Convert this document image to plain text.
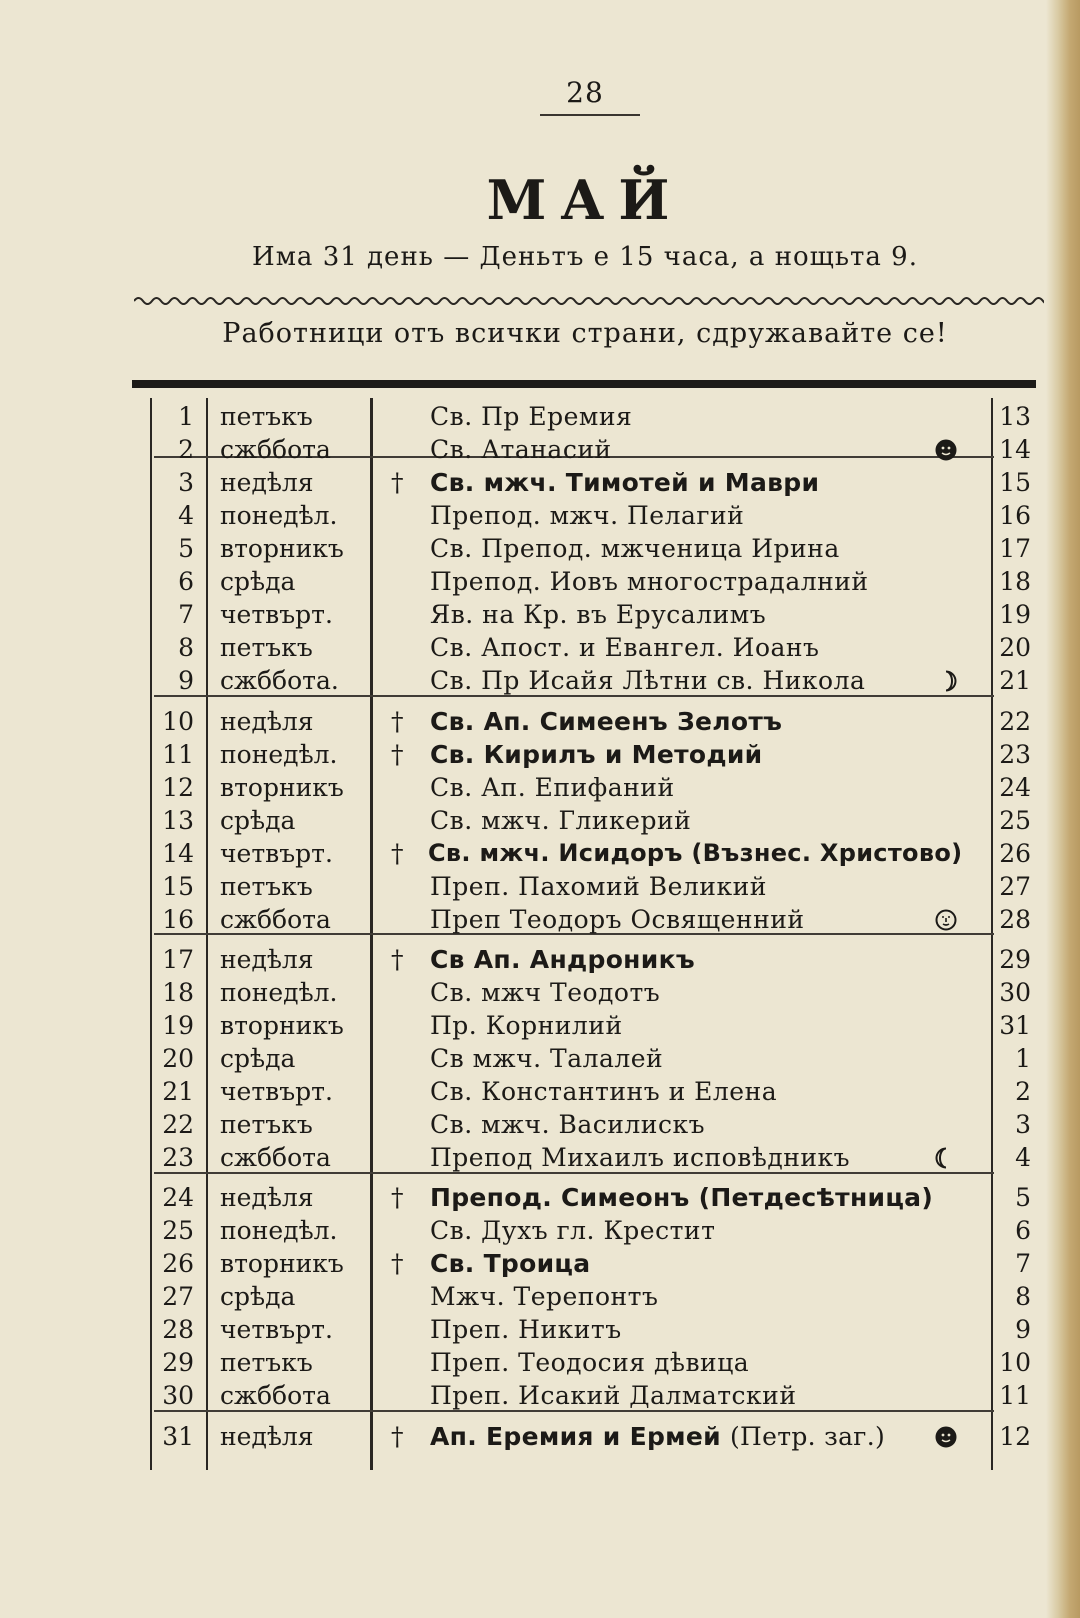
28
МАЙ
Има 31 день — Деньтъ е 15 часа, а нощьта 9.
Работници отъ всички страни, сдружавайте се!
1 петъкъ	Св. Пр Еремия	13
2 сжббота	Св. Атанасий	14
3 недѣля	† Св. мжч. Тимотей и Маври	15
4 понедѣл.	Препод. мжч. Пелагий	16
5 вторникъ	Св. Препод. мжченица Ирина	17
6 срѣда	Препод. Иовъ многострадалний	18
7 четвърт.	Яв. на Кр. въ Ерусалимъ	19
8 петъкъ	Св. Апост. и Евангел. Иоанъ	20
9 сжббота.	Св. Пр Исайя Лѣтни св. Никола	21
10 недѣля	† Св. Ап. Симеенъ Зелотъ	22
11 понедѣл. † Св. Кирилъ и Методий	23
12 вторникъ	Св. Ап. Епифаний	24
13 срѣда	Св. мжч. Гликерий	25
14 четвърт. † Св. мжч. Исидоръ (Възнес. Христово) 26
15 петъкъ	Преп. Пахомий Великий	27
16 сжббота	Преп Теодоръ Освященний	28
17 недѣля	† Св Ап. Андроникъ	29
18 понедѣл.	Св. мжч Теодотъ	30
19 вторникъ	Пр. Корнилий	31
20 срѣда	Св мжч. Талалей	1
21 четвърт.	Св. Константинъ и Елена	2
22 петъкъ	Св. мжч. Василискъ	3
23 сжббота	Препод Михаилъ исповѣдникъ	4
24 недѣля	† Препод. Симеонъ (Петдесѣтница)	5
25 понедѣл.	Св. Духъ гл. Крестит	6
26 вторникъ † Св. Троица	7
27 срѣда	Мжч. Терепонтъ	8
28 четвърт.	Преп. Никитъ	9
29 петъкъ	Преп. Теодосия дѣвица	10
30 сжббота	Преп. Исакий Далматский	11
31 недѣля	† Ап. Еремия и Ермей (Петр. заг.)	12
